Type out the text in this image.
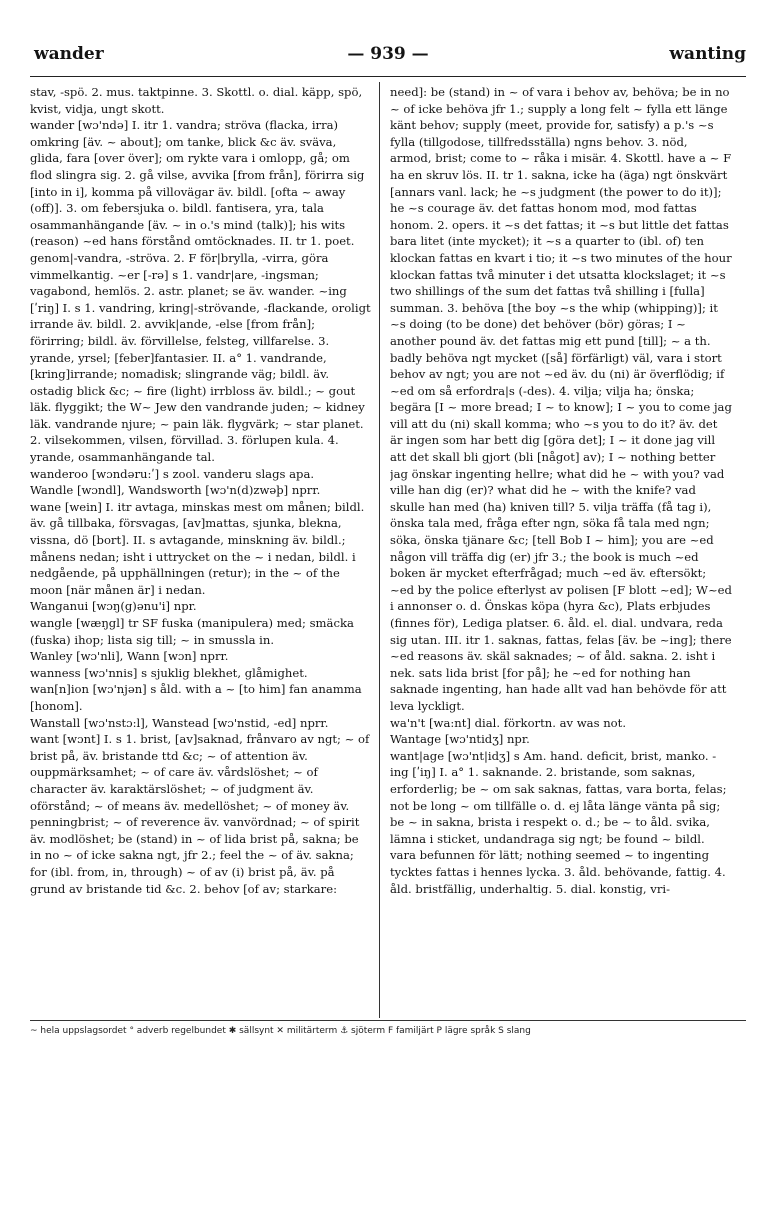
wander	— 939 —	wanting

stav, -spö. 2. mus. taktpinne. 3. Skottl. o. dial. käpp, spö, kvist, vidja, ungt skott.

wander [wɔ'ndə] I. itr 1. vandra; ströva (flacka, irra) omkring [äv. ~ about]; om tanke, blick &c äv. sväva, glida, fara [over över]; om rykte vara i omlopp, gå; om flod slingra sig. 2. gå vilse, avvika [from från], förirra sig [into in i], komma på villovägar äv. bildl. [ofta ~ away (off)]. 3. om febersjuka o. bildl. fantisera, yra, tala osammanhängande [äv. ~ in o.'s mind (talk)]; his wits (reason) ~ed hans förstånd omtöcknades. II. tr 1. poet. genom|-vandra, -ströva. 2. F för|brylla, -virra, göra vimmelkantig. ~er [-rə] s 1. vandr|are, -ingsman; vagabond, hemlös. 2. astr. planet; se äv. wander. ~ing [ʹriŋ] I. s 1. vandring, kring|-strövande, -flackande, oroligt irrande äv. bildl. 2. avvik|ande, -else [from från]; förirring; bildl. äv. förvillelse, felsteg, villfarelse. 3. yrande, yrsel; [feber]fantasier. II. a° 1. vandrande, [kring]irrande; nomadisk; slingrande väg; bildl. äv. ostadig blick &c; ~ fire (light) irrbloss äv. bildl.; ~ gout läk. flyggikt; the W~ Jew den vandrande juden; ~ kidney läk. vandrande njure; ~ pain läk. flygvärk; ~ star planet. 2. vilsekommen, vilsen, förvillad. 3. förlupen kula. 4. yrande, osammanhängande tal.

wanderoo [wɔndəru:ʹ] s zool. vanderu slags apa.

Wandle [wɔndl], Wandsworth [wɔ'n(d)zwəþ] nprr.

wane [wein] I. itr avtaga, minskas mest om månen; bildl. äv. gå tillbaka, försvagas, [av]mattas, sjunka, blekna, vissna, dö [bort]. II. s avtagande, minskning äv. bildl.; månens nedan; isht i uttrycket on the ~ i nedan, bildl. i nedgående, på upphällningen (retur); in the ~ of the moon [när månen är] i nedan.

Wanganui [wɔŋ(g)ənu'i] npr.

wangle [wæŋgl] tr SF fuska (manipulera) med; smäcka (fuska) ihop; lista sig till; ~ in smussla in.

Wanley [wɔ'nli], Wann [wɔn] nprr.

wanness [wɔ'nnis] s sjuklig blekhet, glåmighet.

wan[n]ion [wɔ'njən] s åld. with a ~ [to him] fan anamma [honom].

Wanstall [wɔ'nstɔ:l], Wanstead [wɔ'nstid, -ed] nprr.

want [wɔnt] I. s 1. brist, [av]saknad, frånvaro av ngt; ~ of brist på, äv. bristande ttd &c; ~ of attention äv. ouppmärksamhet; ~ of care äv. vårdslöshet; ~ of character äv. karaktärslöshet; ~ of judgment äv. oförstånd; ~ of means äv. medellöshet; ~ of money äv. penningbrist; ~ of reverence äv. vanvördnad; ~ of spirit äv. modlöshet; be (stand) in ~ of lida brist på, sakna; be in no ~ of icke sakna ngt, jfr 2.; feel the ~ of äv. sakna; for (ibl. from, in, through) ~ of av (i) brist på, äv. på grund av bristande tid &c. 2. behov [of av; starkare:

need]: be (stand) in ~ of vara i behov av, behöva; be in no ~ of icke behöva jfr 1.; supply a long felt ~ fylla ett länge känt behov; supply (meet, provide for, satisfy) a p.'s ~s fylla (tillgodose, tillfredsställa) ngns behov. 3. nöd, armod, brist; come to ~ råka i misär. 4. Skottl. have a ~ F ha en skruv lös. II. tr 1. sakna, icke ha (äga) ngt önskvärt [annars vanl. lack; he ~s judgment (the power to do it)]; he ~s courage äv. det fattas honom mod, mod fattas honom. 2. opers. it ~s det fattas; it ~s but little det fattas bara litet (inte mycket); it ~s a quarter to (ibl. of) ten klockan fattas en kvart i tio; it ~s two minutes of the hour klockan fattas två minuter i det utsatta klockslaget; it ~s two shillings of the sum det fattas två shilling i [fulla] summan. 3. behöva [the boy ~s the whip (whipping)]; it ~s doing (to be done) det behöver (bör) göras; I ~ another pound äv. det fattas mig ett pund [till]; ~ a th. badly behöva ngt mycket ([så] förfärligt) väl, vara i stort behov av ngt; you are not ~ed äv. du (ni) är överflödig; if ~ed om så erfordra|s (-des). 4. vilja; vilja ha; önska; begära [I ~ more bread; I ~ to know]; I ~ you to come jag vill att du (ni) skall komma; who ~s you to do it? äv. det är ingen som har bett dig [göra det]; I ~ it done jag vill att det skall bli gjort (bli [något] av); I ~ nothing better jag önskar ingenting hellre; what did he ~ with you? vad ville han dig (er)? what did he ~ with the knife? vad skulle han med (ha) kniven till? 5. vilja träffa (få tag i), önska tala med, fråga efter ngn, söka få tala med ngn; söka, önska tjänare &c; [tell Bob I ~ him]; you are ~ed någon vill träffa dig (er) jfr 3.; the book is much ~ed boken är mycket efterfrågad; much ~ed äv. eftersökt; ~ed by the police efterlyst av polisen [F blott ~ed]; W~ed i annonser o. d. Önskas köpa (hyra &c), Plats erbjudes (finnes för), Lediga platser. 6. åld. el. dial. undvara, reda sig utan. III. itr 1. saknas, fattas, felas [äv. be ~ing]; there ~ed reasons äv. skäl saknades; ~ of åld. sakna. 2. isht i nek. sats lida brist [for på]; he ~ed for nothing han saknade ingenting, han hade allt vad han behövde för att leva lyckligt.

wa'n't [wa:nt] dial. förkortn. av was not.

Wantage [wɔ'ntidʒ] npr.

want|age [wɔ'nt|idʒ] s Am. hand. deficit, brist, manko. -ing [ʹiŋ] I. a° 1. saknande. 2. bristande, som saknas, erforderlig; be ~ om sak saknas, fattas, vara borta, felas; not be long ~ om tillfälle o. d. ej låta länge vänta på sig; be ~ in sakna, brista i respekt o. d.; be ~ to åld. svika, lämna i sticket, undandraga sig ngt; be found ~ bildl. vara befunnen för lätt; nothing seemed ~ to ingenting tycktes fattas i hennes lycka. 3. åld. behövande, fattig. 4. åld. bristfällig, underhaltig. 5. dial. konstig, vri-

~ hela uppslagsordet ° adverb regelbundet ✱ sällsynt ✕ militärterm ⚓ sjöterm F familjärt P lägre språk S slang
